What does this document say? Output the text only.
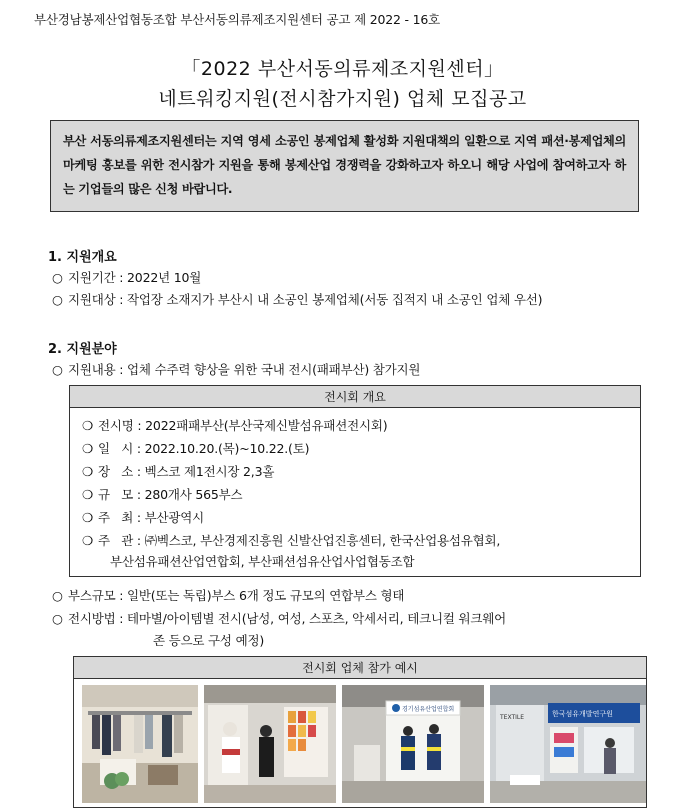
부산경남봉제산업협동조합 부산서동의류제조지원센터 공고 제 2022 - 16호
「2022 부산서동의류제조지원센터」
네트워킹지원(전시참가지원) 업체 모집공고
부산 서동의류제조지원센터는 지역 영세 소공인 봉제업체 활성화 지원대책의 일환으로 지역 패션·봉제업체의 마케팅 홍보를 위한 전시참가 지원을 통해 봉제산업 경쟁력을 강화하고자 하오니 해당 사업에 참여하고자 하는 기업들의 많은 신청 바랍니다.
1. 지원개요
○ 지원기간 : 2022년 10월
○ 지원대상 : 작업장 소재지가 부산시 내 소공인 봉제업체(서동 집적지 내 소공인 업체 우선)
2. 지원분야
○ 지원내용 : 업체 수주력 향상을 위한 국내 전시(패패부산) 참가지원
전시회 개요
❍ 전시명 : 2022패패부산(부산국제신발섬유패션전시회)
❍ 일   시 : 2022.10.20.(목)~10.22.(토)
❍ 장   소 : 벡스코 제1전시장 2,3홀
❍ 규   모 : 280개사 565부스
❍ 주   최 : 부산광역시
❍ 주   관 : ㈜벡스코, 부산경제진흥원 신발산업진흥센터, 한국산업용섬유협회,
부산섬유패션산업연합회, 부산패션섬유산업사업협동조합
○ 부스규모 : 일반(또는 독립)부스 6개 정도 규모의 연합부스 형태
○ 전시방법 : 테마별/아이템별 전시(남성, 여성, 스포츠, 악세서리, 테크니컬 워크웨어
존 등으로 구성 예정)
전시회 업체 참가 예시
경기섬유산업연합회
TEXTILE	한국섬유개발연구원
